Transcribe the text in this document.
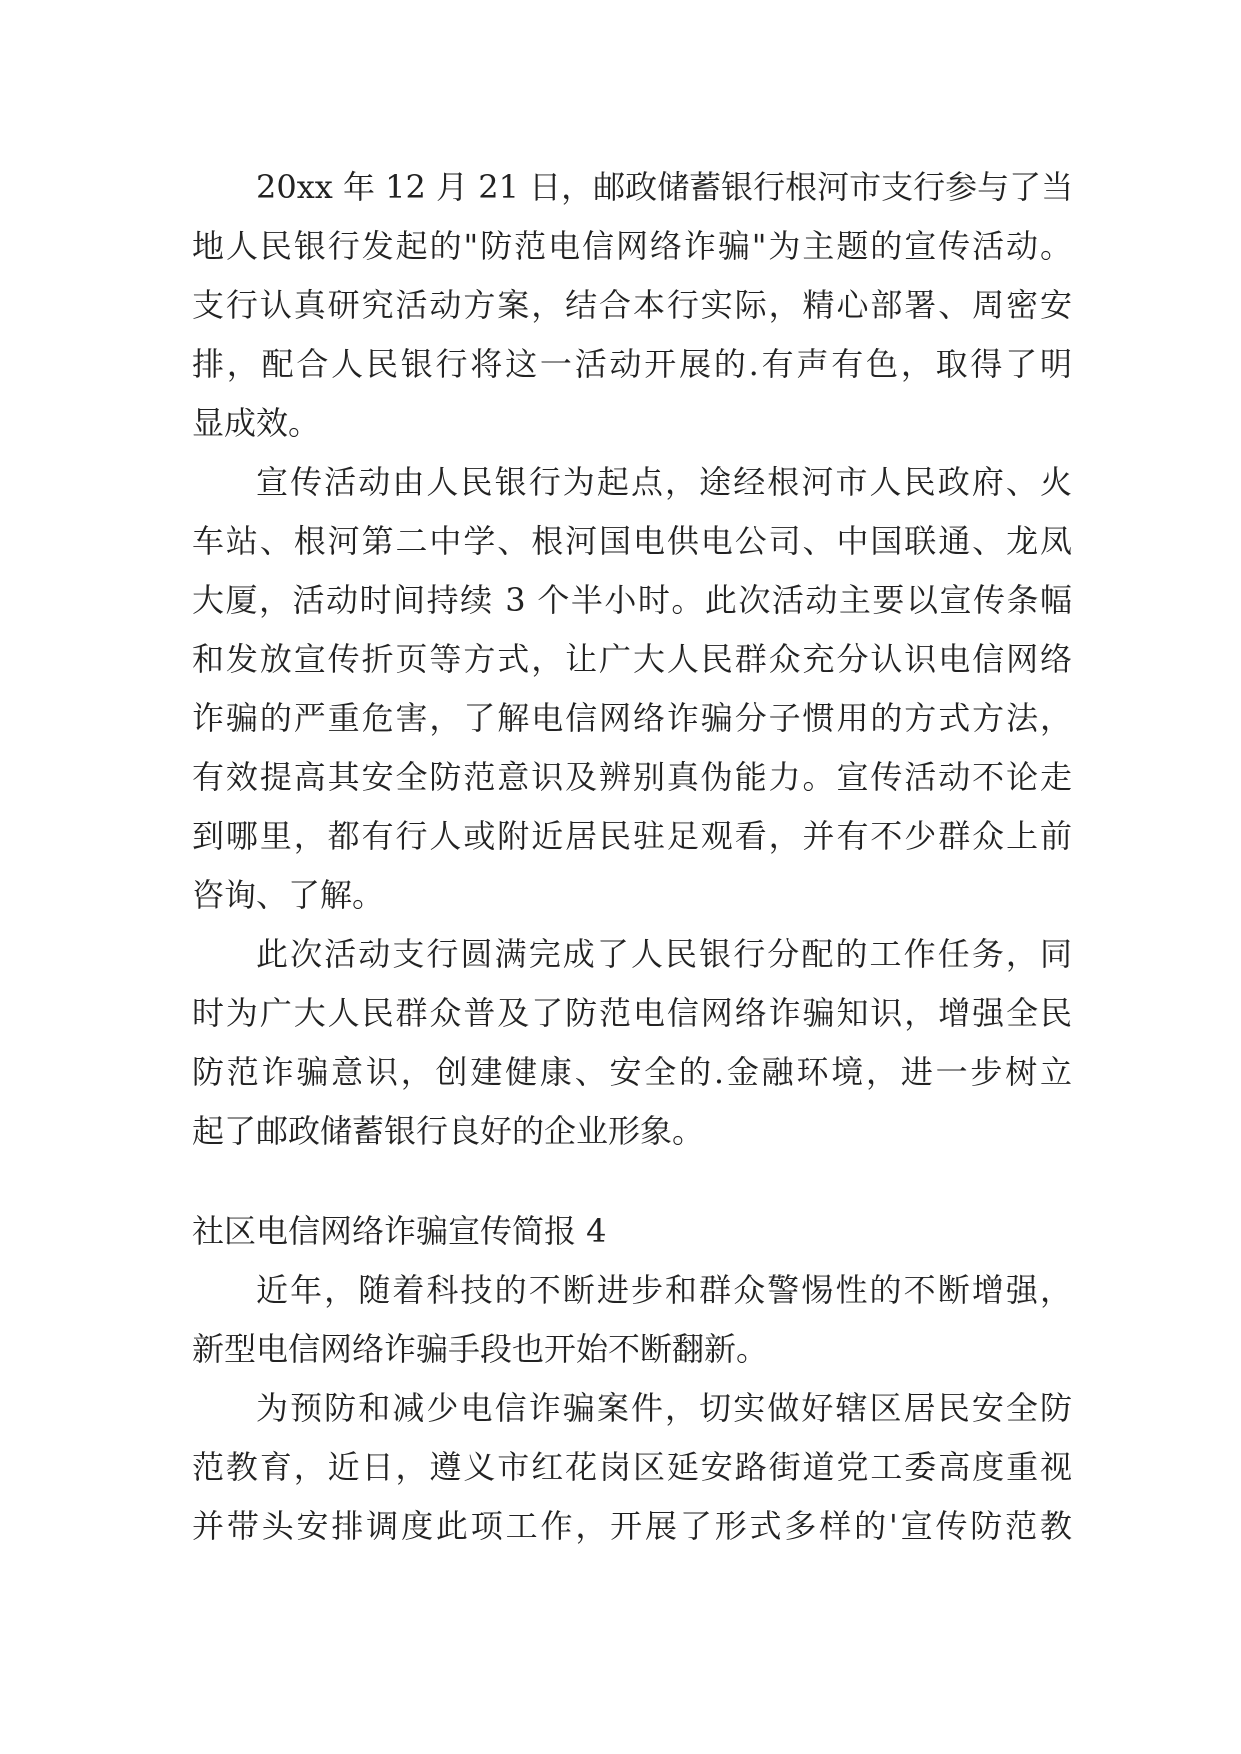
20xx 年 12 月 21 日，邮政储蓄银行根河市支行参与了当
地人民银行发起的"防范电信网络诈骗"为主题的宣传活动。
支行认真研究活动方案，结合本行实际，精心部署、周密安
排，配合人民银行将这一活动开展的.有声有色，取得了明
显成效。
宣传活动由人民银行为起点，途经根河市人民政府、火
车站、根河第二中学、根河国电供电公司、中国联通、龙凤
大厦，活动时间持续 3 个半小时。此次活动主要以宣传条幅
和发放宣传折页等方式，让广大人民群众充分认识电信网络
诈骗的严重危害，了解电信网络诈骗分子惯用的方式方法，
有效提高其安全防范意识及辨别真伪能力。宣传活动不论走
到哪里，都有行人或附近居民驻足观看，并有不少群众上前
咨询、了解。
此次活动支行圆满完成了人民银行分配的工作任务，同
时为广大人民群众普及了防范电信网络诈骗知识，增强全民
防范诈骗意识，创建健康、安全的.金融环境，进一步树立
起了邮政储蓄银行良好的企业形象。
社区电信网络诈骗宣传简报 4
近年，随着科技的不断进步和群众警惕性的不断增强，
新型电信网络诈骗手段也开始不断翻新。
为预防和减少电信诈骗案件，切实做好辖区居民安全防
范教育，近日，遵义市红花岗区延安路街道党工委高度重视
并带头安排调度此项工作，开展了形式多样的'宣传防范教
